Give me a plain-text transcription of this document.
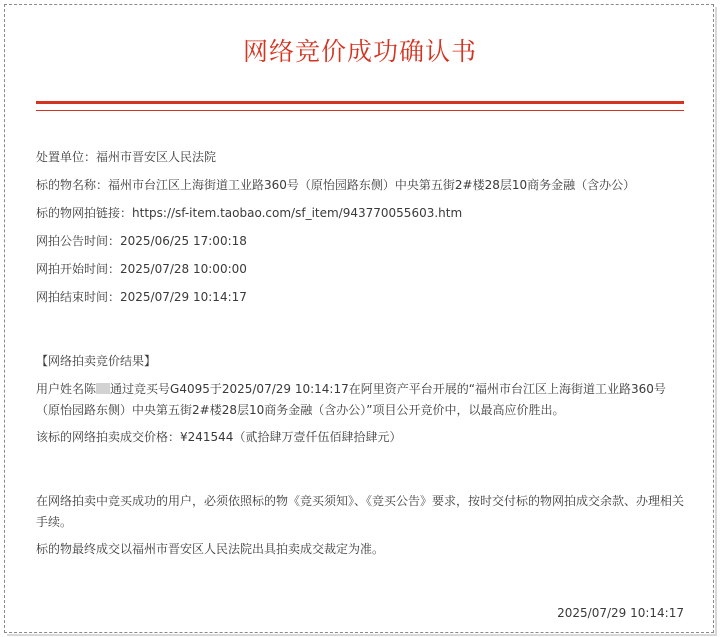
网络竞价成功确认书
处置单位：福州市晋安区人民法院
标的物名称：福州市台江区上海街道工业路360号（原怡园路东侧）中央第五街2#楼28层10商务金融（含办公）
标的物网拍链接：https://sf-item.taobao.com/sf_item/943770055603.htm
网拍公告时间：2025/06/25 17:00:18
网拍开始时间：2025/07/28 10:00:00
网拍结束时间：2025/07/29 10:14:17
【网络拍卖竞价结果】
用户姓名陈 通过竞买号G4095于2025/07/29 10:14:17在阿里资产平台开展的“福州市台江区上海街道工业路360号（原怡园路东侧）中央第五街2#楼28层10商务金融（含办公）”项目公开竞价中，以最高应价胜出。
该标的网络拍卖成交价格：¥241544（贰拾肆万壹仟伍佰肆拾肆元）
在网络拍卖中竞买成功的用户，必须依照标的物《竞买须知》、《竞买公告》要求，按时交付标的物网拍成交余款、办理相关手续。
标的物最终成交以福州市晋安区人民法院出具拍卖成交裁定为准。
2025/07/29 10:14:17
